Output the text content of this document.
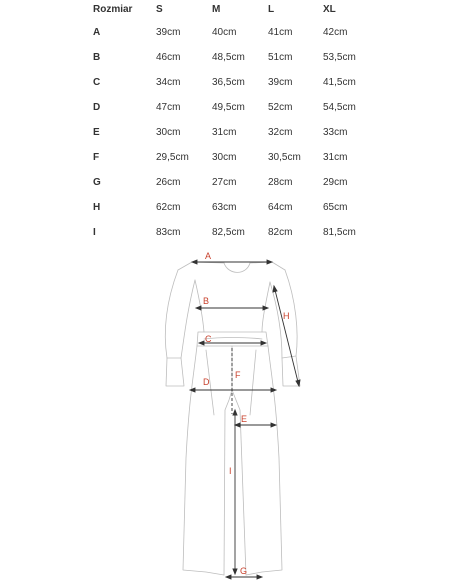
Rozmiar S	M	L	XL
A	39cm	40cm	41cm	42cm
B	46cm	48,5cm 51cm	53,5cm
C	34cm	36,5cm 39cm	41,5cm
D	47cm	49,5cm 52cm	54,5cm
E	30cm	31cm	32cm	33cm
F	29,5cm 30cm	30,5cm 31cm
G	26cm	27cm	28cm	29cm
H	62cm	63cm	64cm	65cm
I	83cm	82,5cm 82cm	81,5cm
A
B
C
D
E
F
G
H
I
